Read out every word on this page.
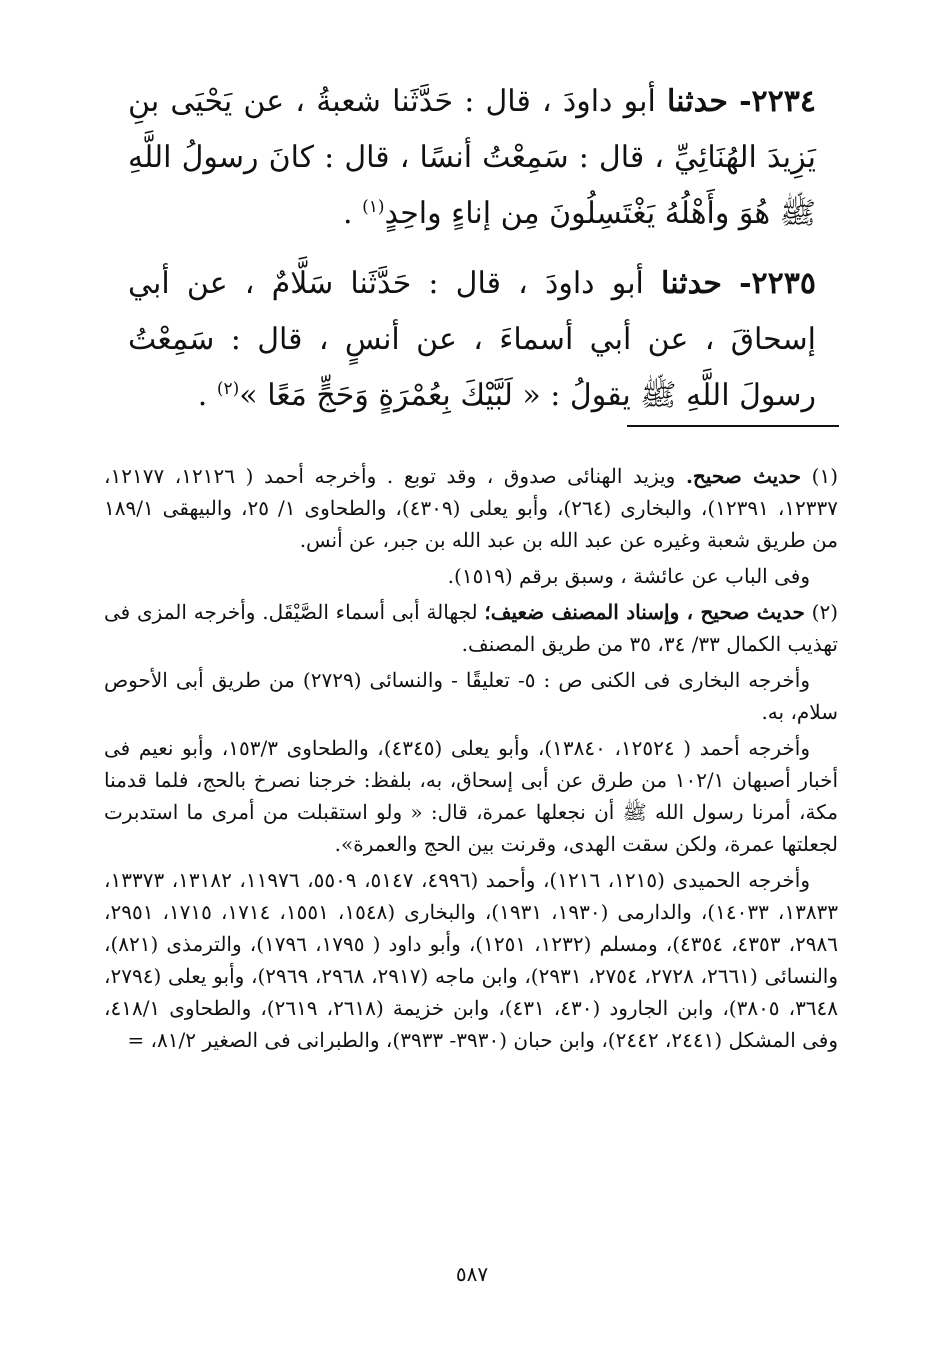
٢٢٣٤- حدثنا أبو داودَ ، قال : حَدَّثَنا شعبةُ ، عن يَحْيَى بنِ يَزِيدَ الهُنَائِيِّ ، قال : سَمِعْتُ أنسًا ، قال : كانَ رسولُ اللَّهِ ﷺ هُوَ وأَهْلُهُ يَغْتَسِلُونَ مِن إناءٍ واحِدٍ$^{(١)}$ .

٢٢٣٥- حدثنا أبو داودَ ، قال : حَدَّثَنا سَلَّامٌ ، عن أبي إسحاقَ ، عن أبي أسماءَ ، عن أنسٍ ، قال : سَمِعْتُ رسولَ اللَّهِ ﷺ يقولُ : « لَبَّيْكَ بِعُمْرَةٍ وَحَجٍّ مَعًا »$^{(٢)}$ .

(١) حديث صحيح. ويزيد الهنائى صدوق ، وقد توبع . وأخرجه أحمد ( ١٢١٢٦، ١٢١٧٧، ١٢٣٣٧، ١٢٣٩١)، والبخارى (٢٦٤)، وأبو يعلى (٤٣٠٩)، والطحاوى ١/ ٢٥، والبيهقى ١٨٩/١ من طريق شعبة وغيره عن عبد الله بن عبد الله بن جبر، عن أنس.

وفى الباب عن عائشة ، وسبق برقم (١٥١٩).

(٢) حديث صحيح ، وإسناد المصنف ضعيف؛ لجهالة أبى أسماء الصَّيْقَل. وأخرجه المزى فى تهذيب الكمال ٣٣/ ٣٤، ٣٥ من طريق المصنف.

وأخرجه البخارى فى الكنى ص : ٥- تعليقًا - والنسائى (٢٧٢٩) من طريق أبى الأحوص سلام، به.

وأخرجه أحمد ( ١٢٥٢٤، ١٣٨٤٠)، وأبو يعلى (٤٣٤٥)، والطحاوى ١٥٣/٣، وأبو نعيم فى أخبار أصبهان ١٠٢/١ من طرق عن أبى إسحاق، به، بلفظ: خرجنا نصرخ بالحج، فلما قدمنا مكة، أمرنا رسول الله ﷺ أن نجعلها عمرة، قال: « ولو استقبلت من أمرى ما استدبرت لجعلتها عمرة، ولكن سقت الهدى، وقرنت بين الحج والعمرة».

وأخرجه الحميدى (١٢١٥، ١٢١٦)، وأحمد (٤٩٩٦، ٥١٤٧، ٥٥٠٩، ١١٩٧٦، ١٣١٨٢، ١٣٣٧٣، ١٣٨٣٣، ١٤٠٣٣)، والدارمى (١٩٣٠، ١٩٣١)، والبخارى (١٥٤٨، ١٥٥١، ١٧١٤، ١٧١٥، ٢٩٥١، ٢٩٨٦، ٤٣٥٣، ٤٣٥٤)، ومسلم (١٢٣٢، ١٢٥١)، وأبو داود ( ١٧٩٥، ١٧٩٦)، والترمذى (٨٢١)، والنسائى (٢٦٦١، ٢٧٢٨، ٢٧٥٤، ٢٩٣١)، وابن ماجه (٢٩١٧، ٢٩٦٨، ٢٩٦٩)، وأبو يعلى (٢٧٩٤، ٣٦٤٨، ٣٨٠٥)، وابن الجارود (٤٣٠، ٤٣١)، وابن خزيمة (٢٦١٨، ٢٦١٩)، والطحاوى ٤١٨/١، وفى المشكل (٢٤٤١، ٢٤٤٢)، وابن حبان (٣٩٣٠- ٣٩٣٣)، والطبرانى فى الصغير ٨١/٢، =

٥٨٧
